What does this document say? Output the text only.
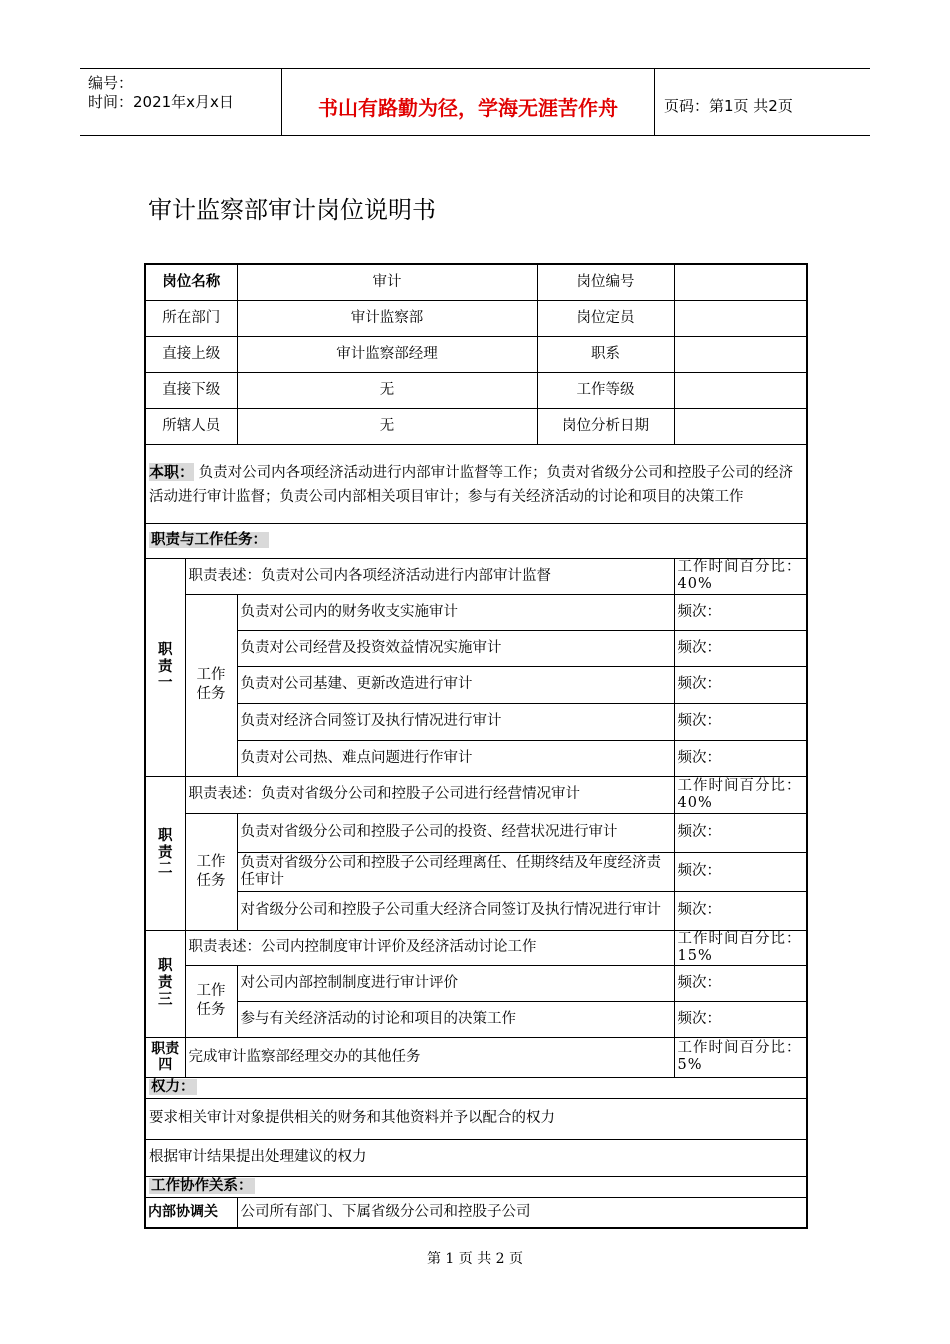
编号：
时间：2021年x月x日	书山有路勤为径，学海无涯苦作舟	页码：第1页 共2页
审计监察部审计岗位说明书
岗位名称		审计	岗位编号	
所在部门		审计监察部	岗位定员	
直接上级		审计监察部经理	职系	
直接下级		无	工作等级	
所辖人员		无	岗位分析日期	
本职： 负责对公司内各项经济活动进行内部审计监督等工作；负责对省级分公司和控股子公司的经济活动进行审计监督；负责公司内部相关项目审计；参与有关经济活动的讨论和项目的决策工作				
职责与工作任务：				

职责一	职责表述：负责对公司内各项经济活动进行内部审计监督			工作时间百分比：40%

	工作任务	负责对公司内的财务收支实施审计		频次：
		负责对公司经营及投资效益情况实施审计		频次：
		负责对公司基建、更新改造进行审计		频次：
		负责对经济合同签订及执行情况进行审计		频次：
		负责对公司热、难点问题进行作审计		频次：

职责二	职责表述：负责对省级分公司和控股子公司进行经营情况审计			工作时间百分比：40%

	工作任务	负责对省级分公司和控股子公司的投资、经营状况进行审计		频次：
		负责对省级分公司和控股子公司经理离任、任期终结及年度经济责任审计		频次：
		对省级分公司和控股子公司重大经济合同签订及执行情况进行审计		频次：

职责三	职责表述：公司内控制度审计评价及经济活动讨论工作			工作时间百分比：15%

	工作任务	对公司内部控制制度进行审计评价		频次：
		参与有关经济活动的讨论和项目的决策工作		频次：

职责四	完成审计监察部经理交办的其他任务			工作时间百分比：5%
权力：				
要求相关审计对象提供相关的财务和其他资料并予以配合的权力				
根据审计结果提出处理建议的权力				
工作协作关系：				
内部协调关		公司所有部门、下属省级分公司和控股子公司		
第 1 页 共 2 页
